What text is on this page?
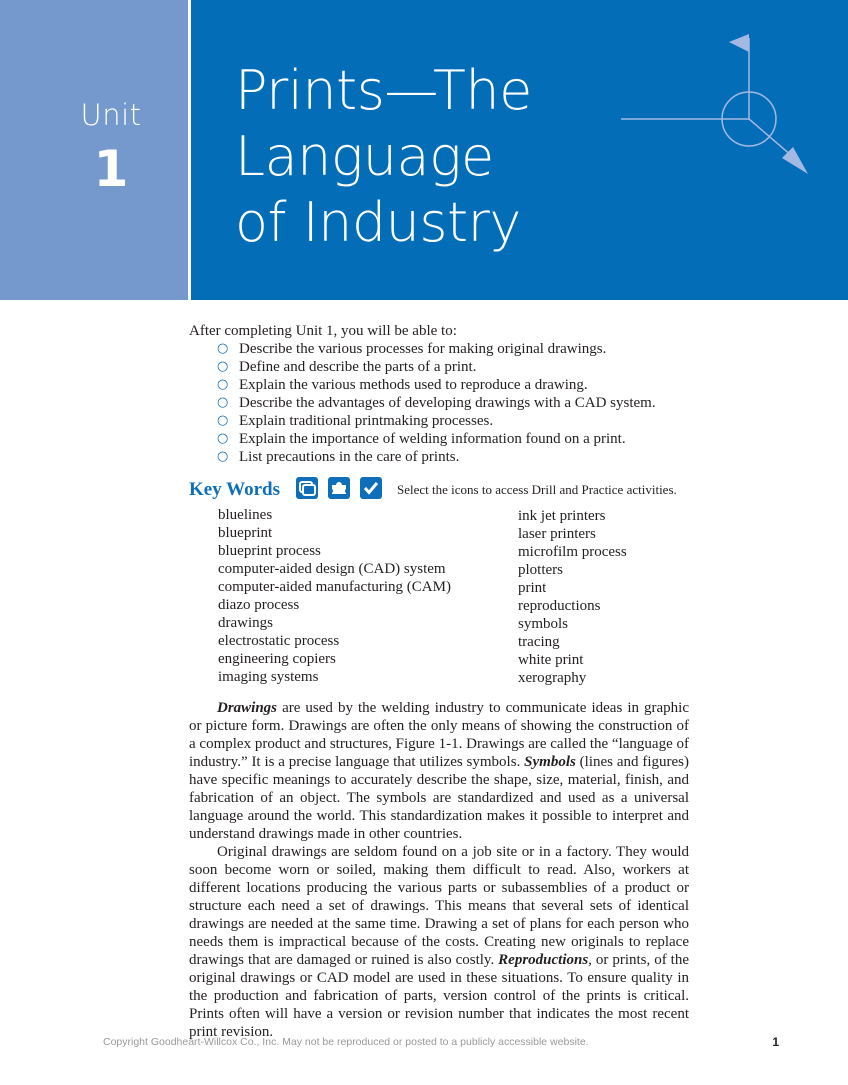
Unit
1
Prints—The
Language
of Industry

After completing Unit 1, you will be able to:

○ Describe the various processes for making original drawings.
○ Define and describe the parts of a print.
○ Explain the various methods used to reproduce a drawing.
○ Describe the advantages of developing drawings with a CAD system.
○ Explain traditional printmaking processes.
○ Explain the importance of welding information found on a print.
○ List precautions in the care of prints.
Key Words	Select the icons to access Drill and Practice activities.
bluelines
blueprint
blueprint process
computer-aided design (CAD) system
computer-aided manufacturing (CAM)
diazo process
drawings
electrostatic process
engineering copiers
imaging systems
ink jet printers
laser printers
microfilm process
plotters
print
reproductions
symbols
tracing
white print
xerography

Drawings are used by the welding industry to communicate ideas in graphic or picture form. Drawings are often the only means of showing the construction of a complex product and structures, Figure 1-1. Drawings are called the “language of industry.” It is a precise language that utilizes symbols. Symbols (lines and figures) have specific meanings to accurately describe the shape, size, material, finish, and fabrication of an object. The symbols are standardized and used as a universal language around the world. This standardization makes it possible to interpret and understand drawings made in other countries.

Original drawings are seldom found on a job site or in a factory. They would soon become worn or soiled, making them difficult to read. Also, workers at different locations producing the various parts or subassemblies of a product or structure each need a set of drawings. This means that several sets of identical drawings are needed at the same time. Drawing a set of plans for each person who needs them is impractical because of the costs. Creating new originals to replace drawings that are damaged or ruined is also costly. Reproductions, or prints, of the original drawings or CAD model are used in these situations. To ensure quality in the production and fabrication of parts, version control of the prints is critical. Prints often will have a version or revision number that indicates the most recent print revision.

Copyright Goodheart-Willcox Co., Inc. May not be reproduced or posted to a publicly accessible website.	1
